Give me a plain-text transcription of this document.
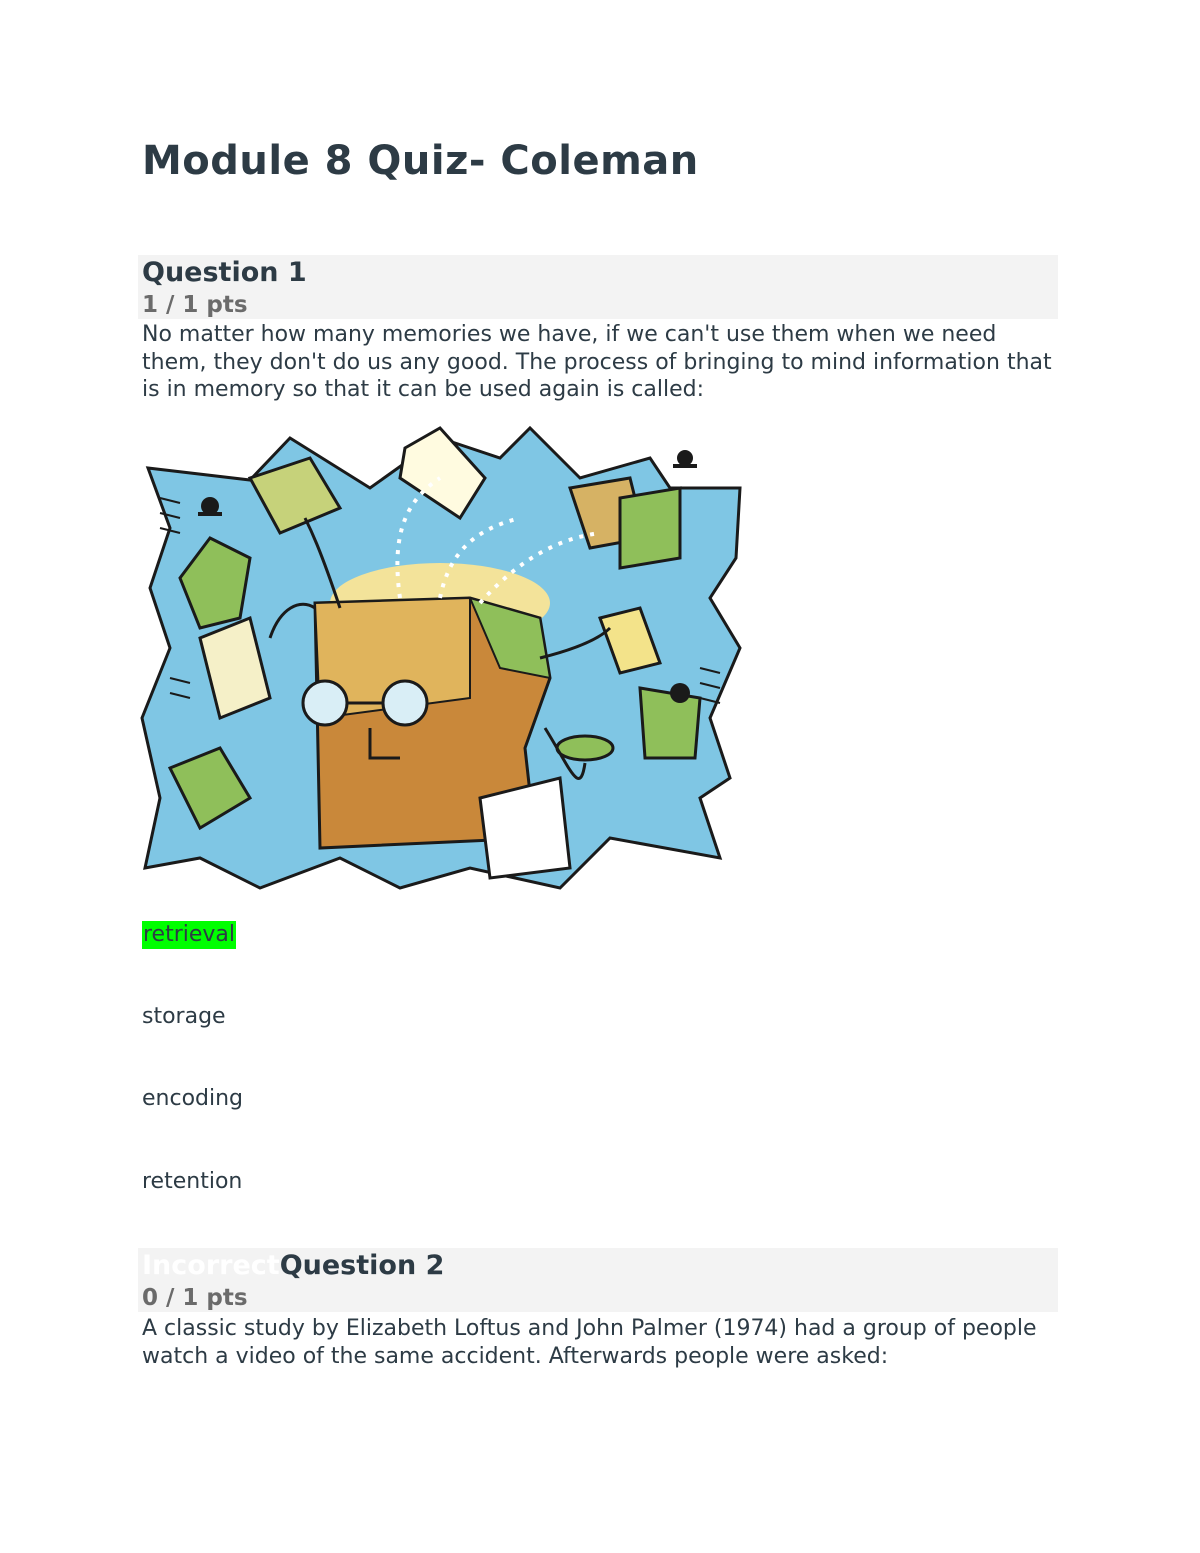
Module 8 Quiz- Coleman
Question 1
1 / 1 pts

No matter how many memories we have, if we can't use them when we need them, they don't do us any good. The process of bringing to mind information that is in memory so that it can be used again is called:

retrieval
storage
encoding
retention
IncorrectQuestion 2
0 / 1 pts

A classic study by Elizabeth Loftus and John Palmer (1974) had a group of people watch a video of the same accident. Afterwards people were asked:
